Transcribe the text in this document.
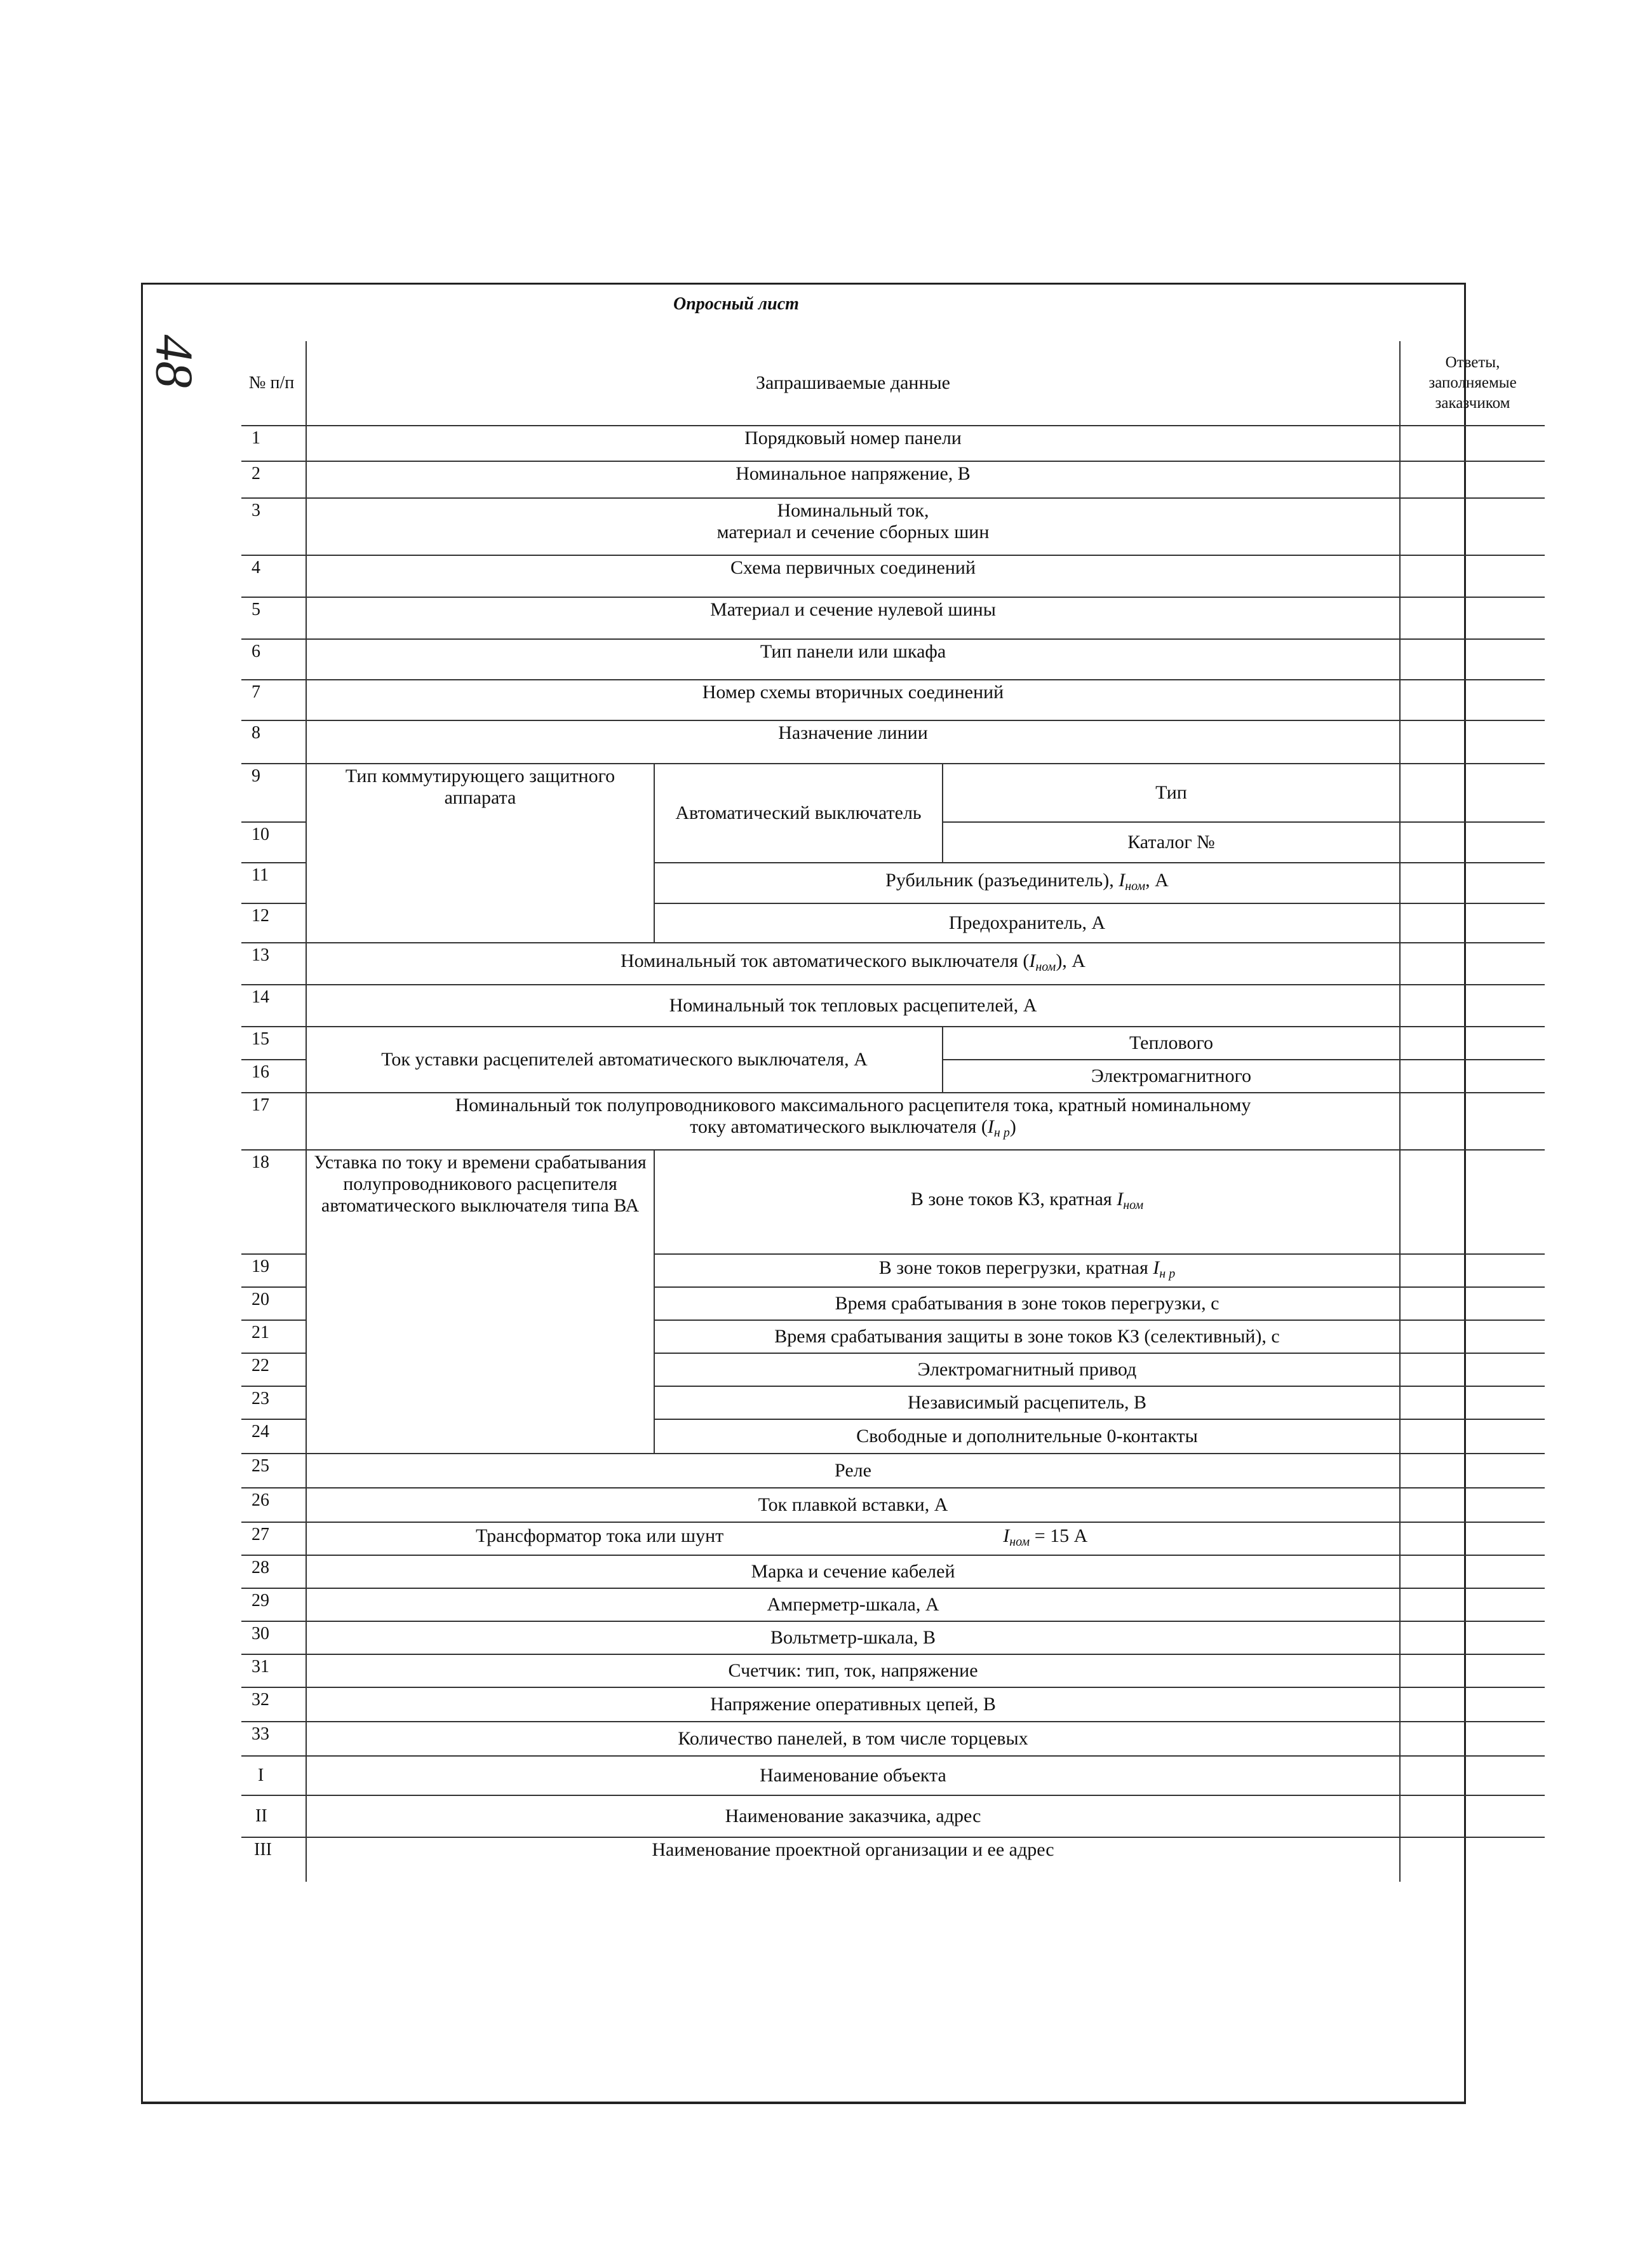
48
Опросный лист
№ п/п	Запрашиваемые данные			Ответы, заполняемые заказчиком
1	Порядковый номер панели			
2	Номинальное напряжение, В			
3	Номинальный ток,
материал и сечение сборных шин			

4	Схема первичных соединений			
5	Материал и сечение нулевой шины			
6	Тип панели или шкафа			
7	Номер схемы вторичных соединений			
8	Назначение линии			
9	Тип коммутирующего защитного аппарата	Автоматический выключатель	Тип	
10			Каталог №	
11		Рубильник (разъединитель), $I_{ном}$, А		
12		Предохранитель, А		
13	Номинальный ток автоматического выключателя $(I_{ном})$, А			
14	Номинальный ток тепловых расцепителей, А			
15	Ток уставки расцепителей автоматического выключателя, А		Теплового	
16			Электромагнитного	
17	Номинальный ток полупроводникового максимального расцепителя тока, кратный номинальному
току автоматического выключателя $(I_{н р})$			

18	Уставка по току и времени срабатывания полупроводникового расцепителя автоматического выключателя типа ВА	В зоне токов КЗ, кратная $I_{ном}$	
19		В зоне токов перегрузки, кратная $I_{н р}$	
20		Время срабатывания в зоне токов перегрузки, с		
21		Время срабатывания защиты в зоне токов КЗ (селективный), с		
22		Электромагнитный привод		
23		Независимый расцепитель, В		
24		Свободные и дополнительные 0-контакты		
25	Реле			
26	Ток плавкой вставки, А			
27	Трансформатор тока или шунт $I_{ном} = 15$ А			
28	Марка и сечение кабелей			
29	Амперметр-шкала, А			
30	Вольтметр-шкала, В			
31	Счетчик: тип, ток, напряжение			
32	Напряжение оперативных цепей, В			
33	Количество панелей, в том числе торцевых			
I	Наименование объекта			
II	Наименование заказчика, адрес			
III	Наименование проектной организации и ее адрес			
